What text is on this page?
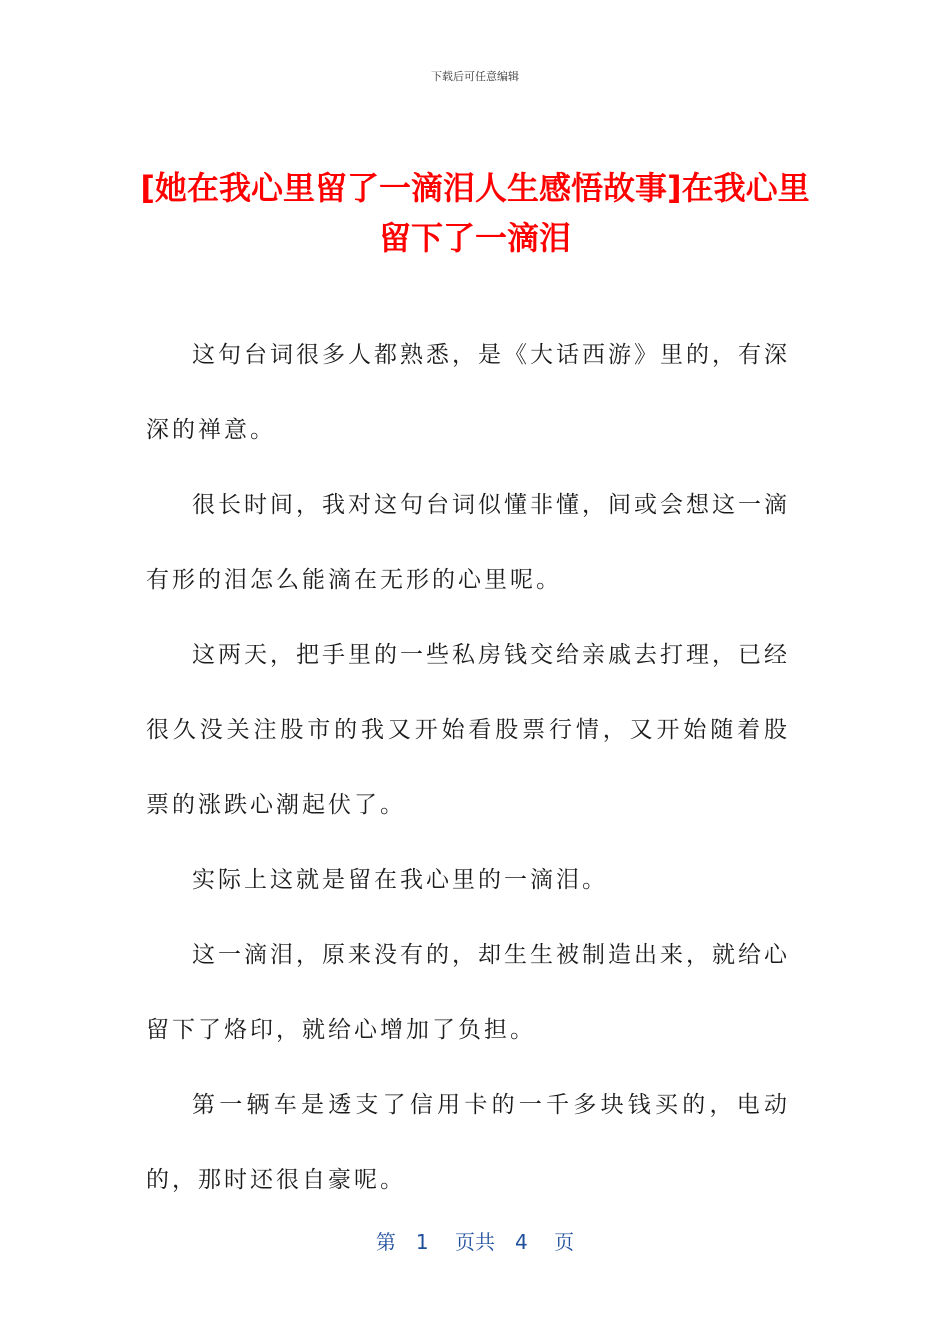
下载后可任意编辑
[她在我心里留了一滴泪人生感悟故事]在我心里留下了一滴泪

这句台词很多人都熟悉，是《大话西游》里的，有深深的禅意。

很长时间，我对这句台词似懂非懂，间或会想这一滴有形的泪怎么能滴在无形的心里呢。

这两天，把手里的一些私房钱交给亲戚去打理，已经很久没关注股市的我又开始看股票行情，又开始随着股票的涨跌心潮起伏了。

实际上这就是留在我心里的一滴泪。

这一滴泪，原来没有的，却生生被制造出来，就给心留下了烙印，就给心增加了负担。

第一辆车是透支了信用卡的一千多块钱买的，电动的，那时还很自豪呢。

第　1　 页共　4　 页
